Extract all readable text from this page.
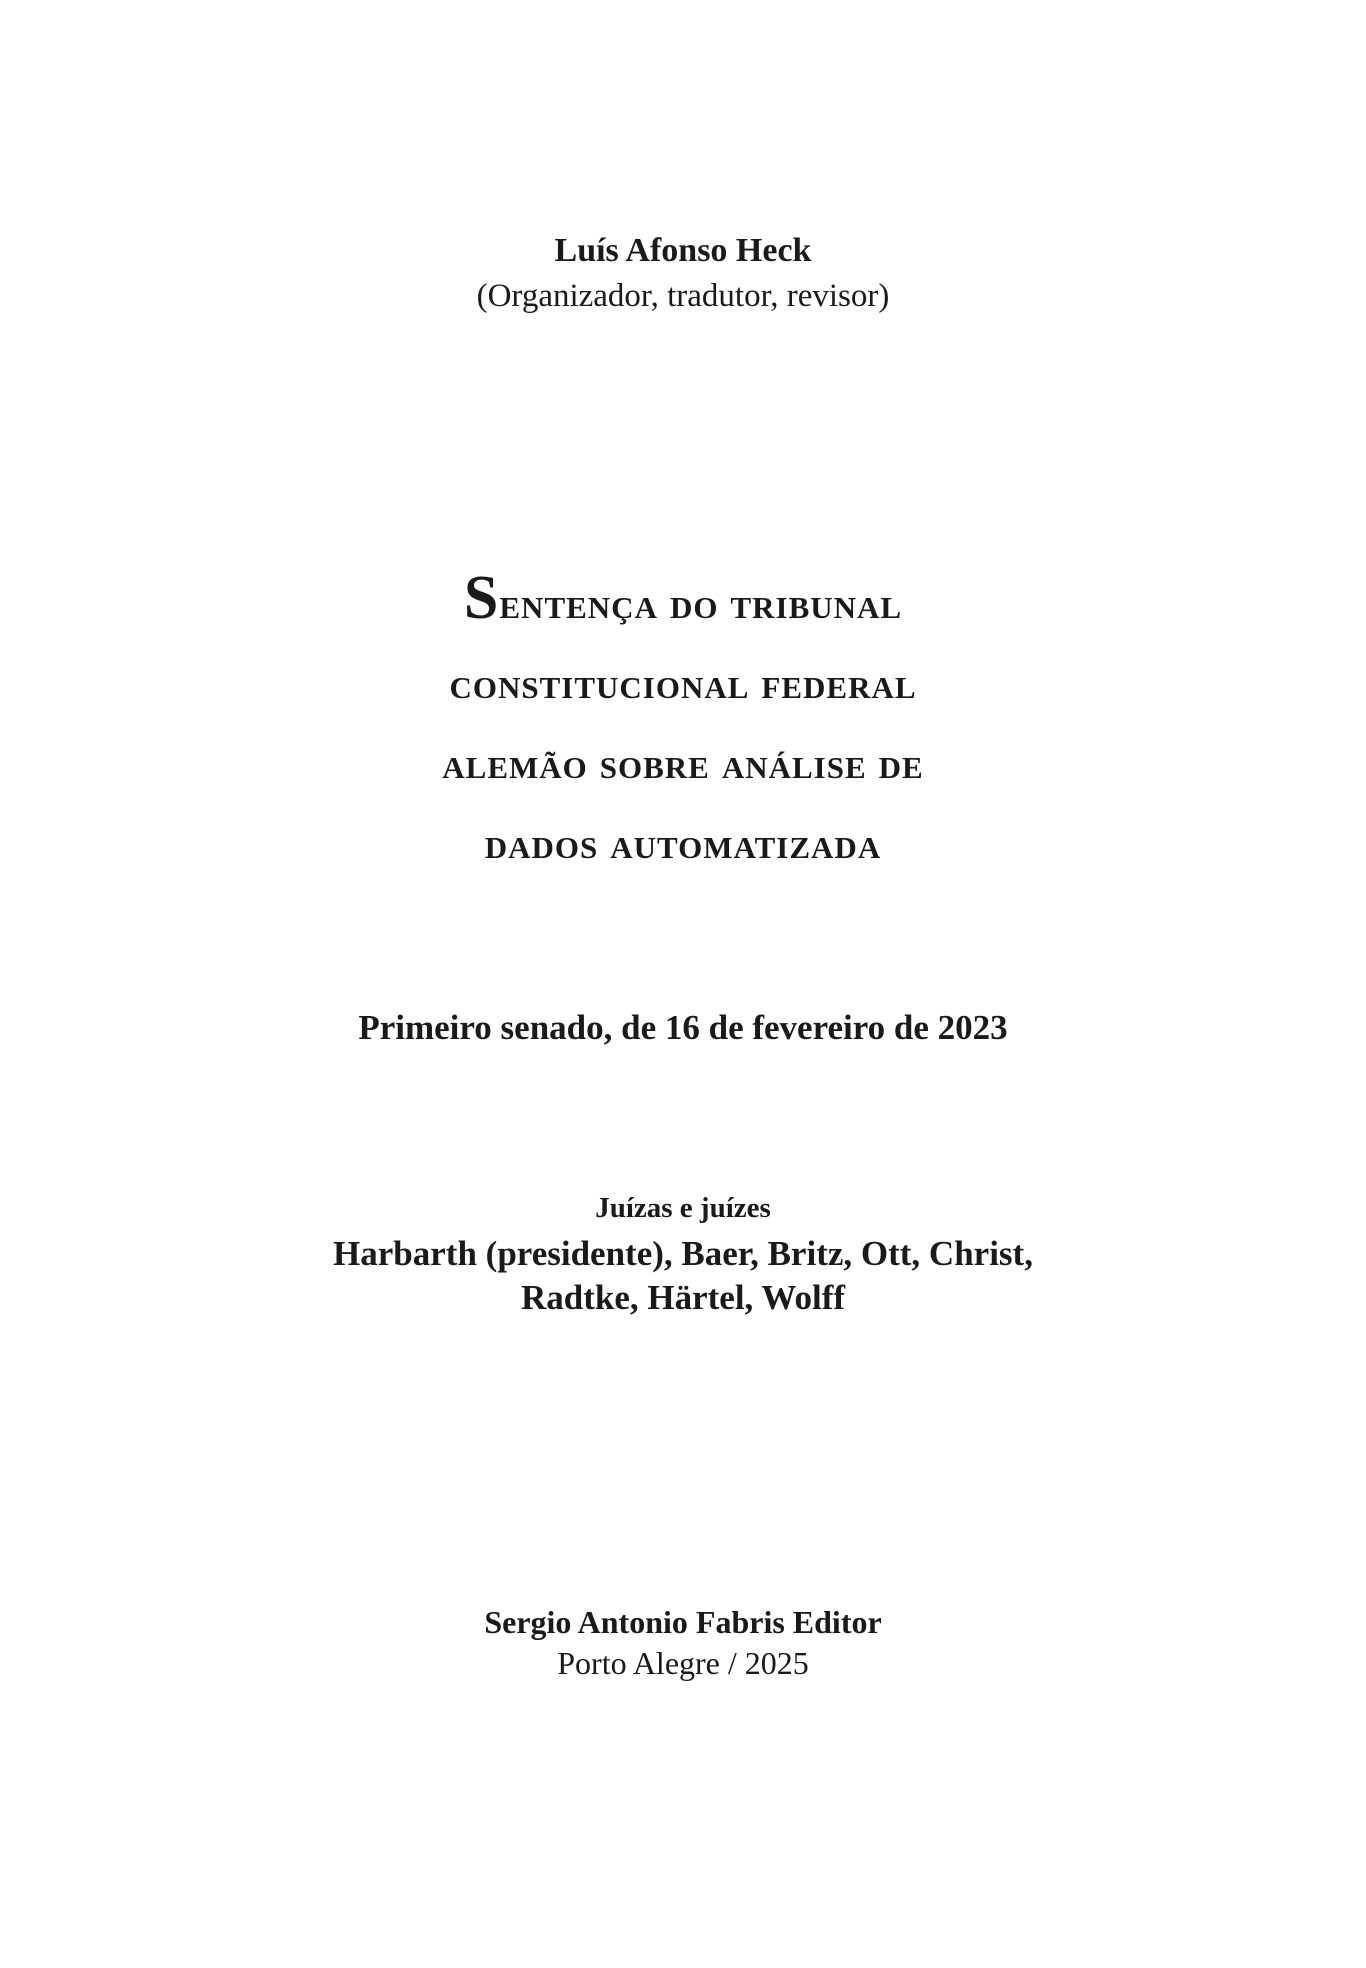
Luís Afonso Heck
(Organizador, tradutor, revisor)
Sentença do tribunal
constitucional federal
alemão sobre análise de
dados automatizada
Primeiro senado, de 16 de fevereiro de 2023
Juízas e juízes
Harbarth (presidente), Baer, Britz, Ott, Christ,
Radtke, Härtel, Wolff
Sergio Antonio Fabris Editor
Porto Alegre / 2025
